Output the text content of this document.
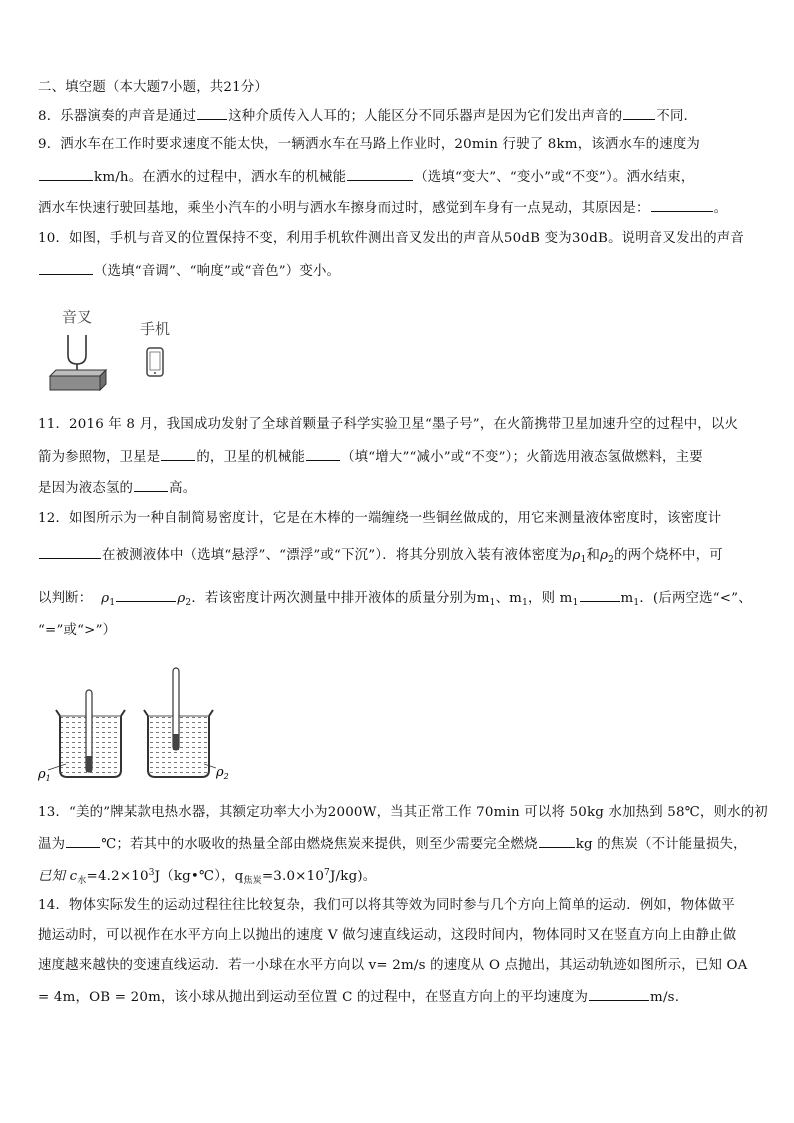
二、填空题（本大题7小题，共21分）
8．乐器演奏的声音是通过 这种介质传入人耳的；人能区分不同乐器声是因为它们发出声音的	不同.
9．洒水车在工作时要求速度不能太快，一辆洒水车在马路上作业时，20min 行驶了 8km，该洒水车的速度为
km/h。在洒水的过程中，洒水车的机械能	（选填“变大”、“变小”或“不变”）。洒水结束，
洒水车快速行驶回基地，乘坐小汽车的小明与洒水车擦身而过时，感觉到车身有一点晃动，其原因是：	。
10．如图，手机与音叉的位置保持不变，利用手机软件测出音叉发出的声音从50dB 变为30dB。说明音叉发出的声音
（选填“音调”、“响度”或“音色”）变小。
音叉
手机
11．2016 年 8 月，我国成功发射了全球首颗量子科学实验卫星“墨子号”，在火箭携带卫星加速升空的过程中，以火
箭为参照物，卫星是	的，卫星的机械能	（填“增大”“减小”或“不变”）；火箭选用液态氢做燃料，主要
是因为液态氢的	高。
12．如图所示为一种自制简易密度计，它是在木棒的一端缠绕一些铜丝做成的，用它来测量液体密度时，该密度计
在被测液体中（选填“悬浮”、“漂浮”或“下沉”）．将其分别放入装有液体密度为$\rho_1$和$\rho_2$的两个烧杯中，可
以判断： $\rho_1$	$\rho_2$．若该密度计两次测量中排开液体的质量分别为$m_1$、$m_1$，则 $m_1$	$m_1$．(后两空选“<”、
“=”或“>”）
$\rho_1$	$\rho_2$
13．“美的”牌某款电热水器，其额定功率大小为2000W，当其正常工作 70min 可以将 50kg 水加热到 58℃，则水的初
温为	℃；若其中的水吸收的热量全部由燃烧焦炭来提供，则至少需要完全燃烧	kg 的焦炭（不计能量损失，
已知 $c_水=4.2\times 10^3J(kg•℃)$，$q_{焦炭}=3.0\times 10^7J/kg$)。
14．物体实际发生的运动过程往往比较复杂，我们可以将其等效为同时参与几个方向上简单的运动．例如，物体做平
抛运动时，可以视作在水平方向上以抛出的速度 V 做匀速直线运动，这段时间内，物体同时又在竖直方向上由静止做
速度越来越快的变速直线运动．若一小球在水平方向以 v= 2m/s 的速度从 O 点抛出，其运动轨迹如图所示，已知 OA
= 4m，OB = 20m，该小球从抛出到运动至位置 C 的过程中，在竖直方向上的平均速度为	m/s.
